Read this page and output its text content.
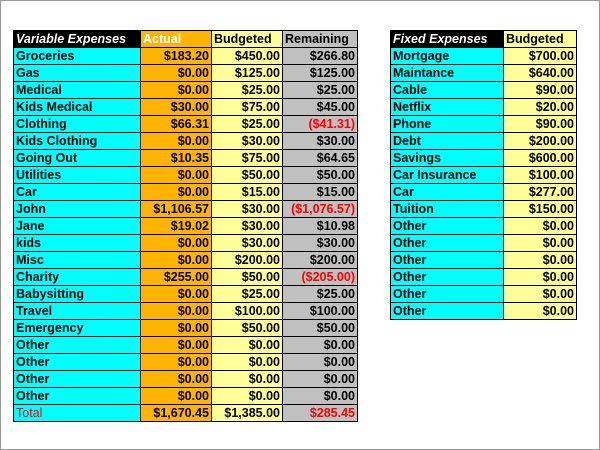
Variable Expenses	Actual	Budgeted	Remaining
Groceries	$183.20	$450.00	$266.80
Gas	$0.00	$125.00	$125.00
Medical	$0.00	$25.00	$25.00
Kids Medical	$30.00	$75.00	$45.00
Clothing	$66.31	$25.00	($41.31)
Kids Clothing	$0.00	$30.00	$30.00
Going Out	$10.35	$75.00	$64.65
Utilities	$0.00	$50.00	$50.00
Car	$0.00	$15.00	$15.00
John	$1,106.57	$30.00	($1,076.57)
Jane	$19.02	$30.00	$10.98
kids	$0.00	$30.00	$30.00
Misc	$0.00	$200.00	$200.00
Charity	$255.00	$50.00	($205.00)
Babysitting	$0.00	$25.00	$25.00
Travel	$0.00	$100.00	$100.00
Emergency	$0.00	$50.00	$50.00
Other	$0.00	$0.00	$0.00
Other	$0.00	$0.00	$0.00
Other	$0.00	$0.00	$0.00
Other	$0.00	$0.00	$0.00
Total	$1,670.45	$1,385.00	$285.45
Fixed Expenses	Budgeted
Mortgage	$700.00
Maintance	$640.00
Cable	$90.00
Netflix	$20.00
Phone	$90.00
Debt	$200.00
Savings	$600.00
Car Insurance	$100.00
Car	$277.00
Tuition	$150.00
Other	$0.00
Other	$0.00
Other	$0.00
Other	$0.00
Other	$0.00
Other	$0.00
